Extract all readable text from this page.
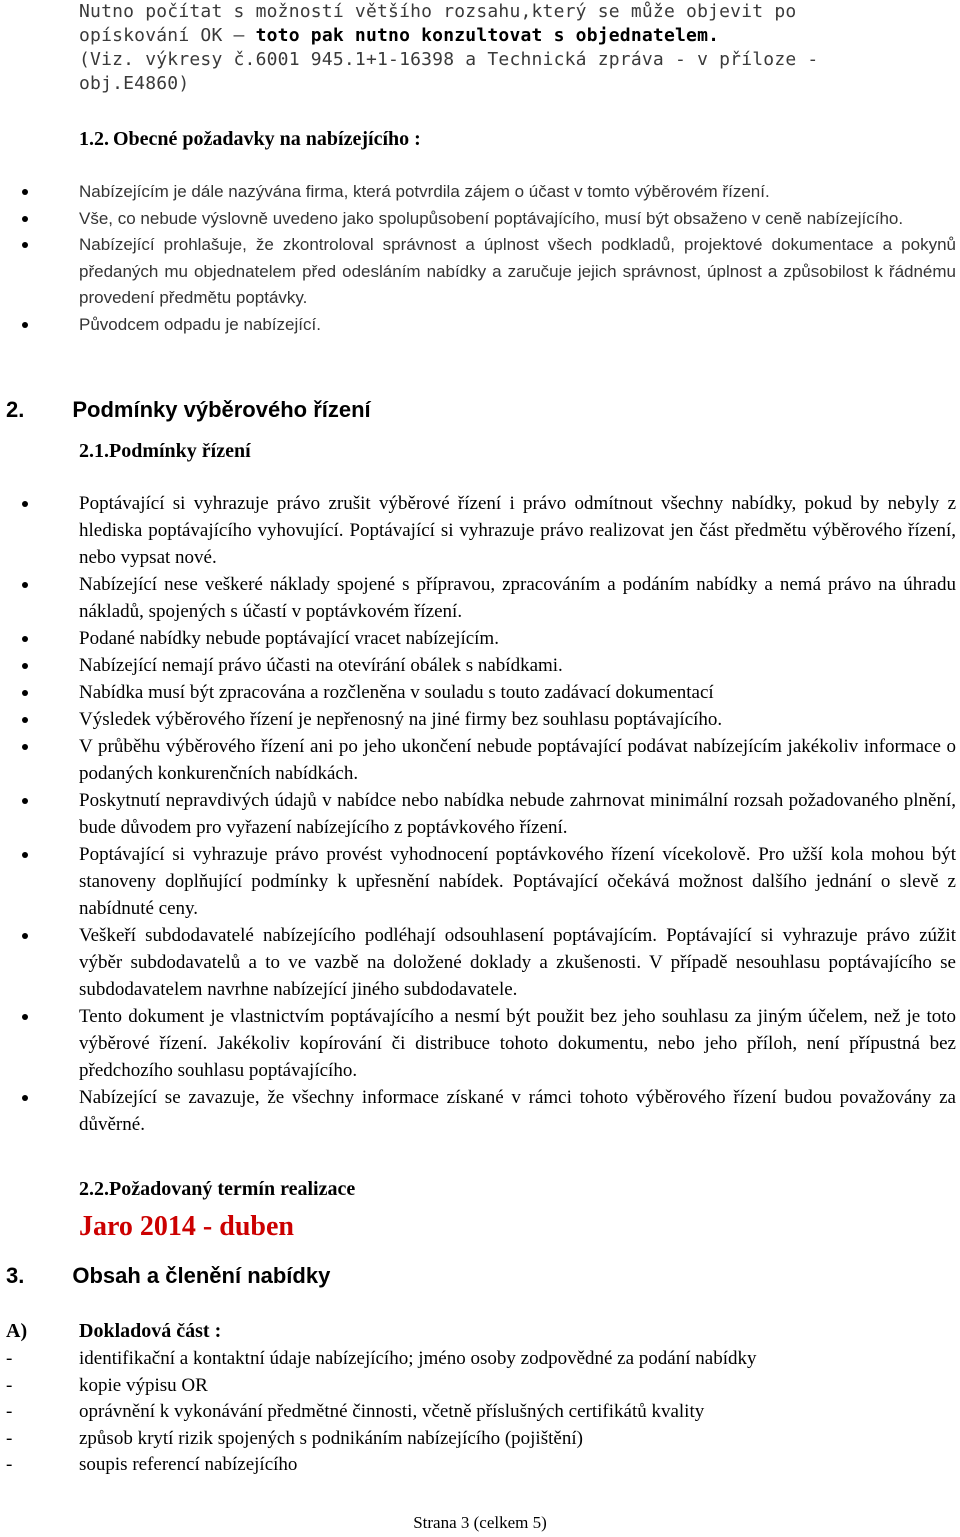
Nutno počítat s možností většího rozsahu,který se může objevit po
opískování OK – toto pak nutno konzultovat s objednatelem.
(Viz. výkresy č.6001 945.1+1-16398 a Technická zpráva - v příloze -
obj.E4860)
1.2. Obecné požadavky na nabízejícího :
Nabízejícím je dále nazývána firma, která potvrdila zájem o účast v tomto výběrovém řízení.
Vše, co nebude výslovně uvedeno jako spolupůsobení poptávajícího, musí být obsaženo v ceně nabízejícího.
Nabízející prohlašuje, že zkontroloval správnost a úplnost všech podkladů, projektové dokumentace a pokynů předaných mu objednatelem před odesláním nabídky a zaručuje jejich správnost, úplnost a způsobilost k řádnému provedení předmětu poptávky.
Původcem odpadu je nabízející.
2. Podmínky výběrového řízení
2.1.Podmínky řízení
Poptávající si vyhrazuje právo zrušit výběrové řízení i právo odmítnout všechny nabídky, pokud by nebyly z hlediska poptávajícího vyhovující. Poptávající si vyhrazuje právo realizovat jen část předmětu výběrového řízení, nebo vypsat nové.
Nabízející nese veškeré náklady spojené s přípravou, zpracováním a podáním nabídky a nemá právo na úhradu nákladů, spojených s účastí v poptávkovém řízení.
Podané nabídky nebude poptávající vracet nabízejícím.
Nabízející nemají právo účasti na otevírání obálek s nabídkami.
Nabídka musí být zpracována a rozčleněna v souladu s touto zadávací dokumentací
Výsledek výběrového řízení je nepřenosný na jiné firmy bez souhlasu poptávajícího.
V průběhu výběrového řízení ani po jeho ukončení nebude poptávající podávat nabízejícím jakékoliv informace o podaných konkurenčních nabídkách.
Poskytnutí nepravdivých údajů v nabídce nebo nabídka nebude zahrnovat minimální rozsah požadovaného plnění, bude důvodem pro vyřazení nabízejícího z poptávkového řízení.
Poptávající si vyhrazuje právo provést vyhodnocení poptávkového řízení vícekolově. Pro užší kola mohou být stanoveny doplňující podmínky k upřesnění nabídek. Poptávající očekává možnost dalšího jednání o slevě z nabídnuté ceny.
Veškeří subdodavatelé nabízejícího podléhají odsouhlasení poptávajícím. Poptávající si vyhrazuje právo zúžit výběr subdodavatelů a to ve vazbě na doložené doklady a zkušenosti. V případě nesouhlasu poptávajícího se subdodavatelem navrhne nabízející jiného subdodavatele.
Tento dokument je vlastnictvím poptávajícího a nesmí být použit bez jeho souhlasu za jiným účelem, než je toto výběrové řízení. Jakékoliv kopírování či distribuce tohoto dokumentu, nebo jeho příloh, není přípustná bez předchozího souhlasu poptávajícího.
Nabízející se zavazuje, že všechny informace získané v rámci tohoto výběrového řízení budou považovány za důvěrné.
2.2.Požadovaný termín realizace
Jaro 2014 - duben
3. Obsah a členění nabídky
A)	Dokladová část :
-	identifikační a kontaktní údaje nabízejícího; jméno osoby zodpovědné za podání nabídky
-	kopie výpisu OR
-	oprávnění k vykonávání předmětné činnosti, včetně příslušných certifikátů kvality
-	způsob krytí rizik spojených s podnikáním nabízejícího (pojištění)
-	soupis referencí nabízejícího
Strana 3 (celkem 5)
